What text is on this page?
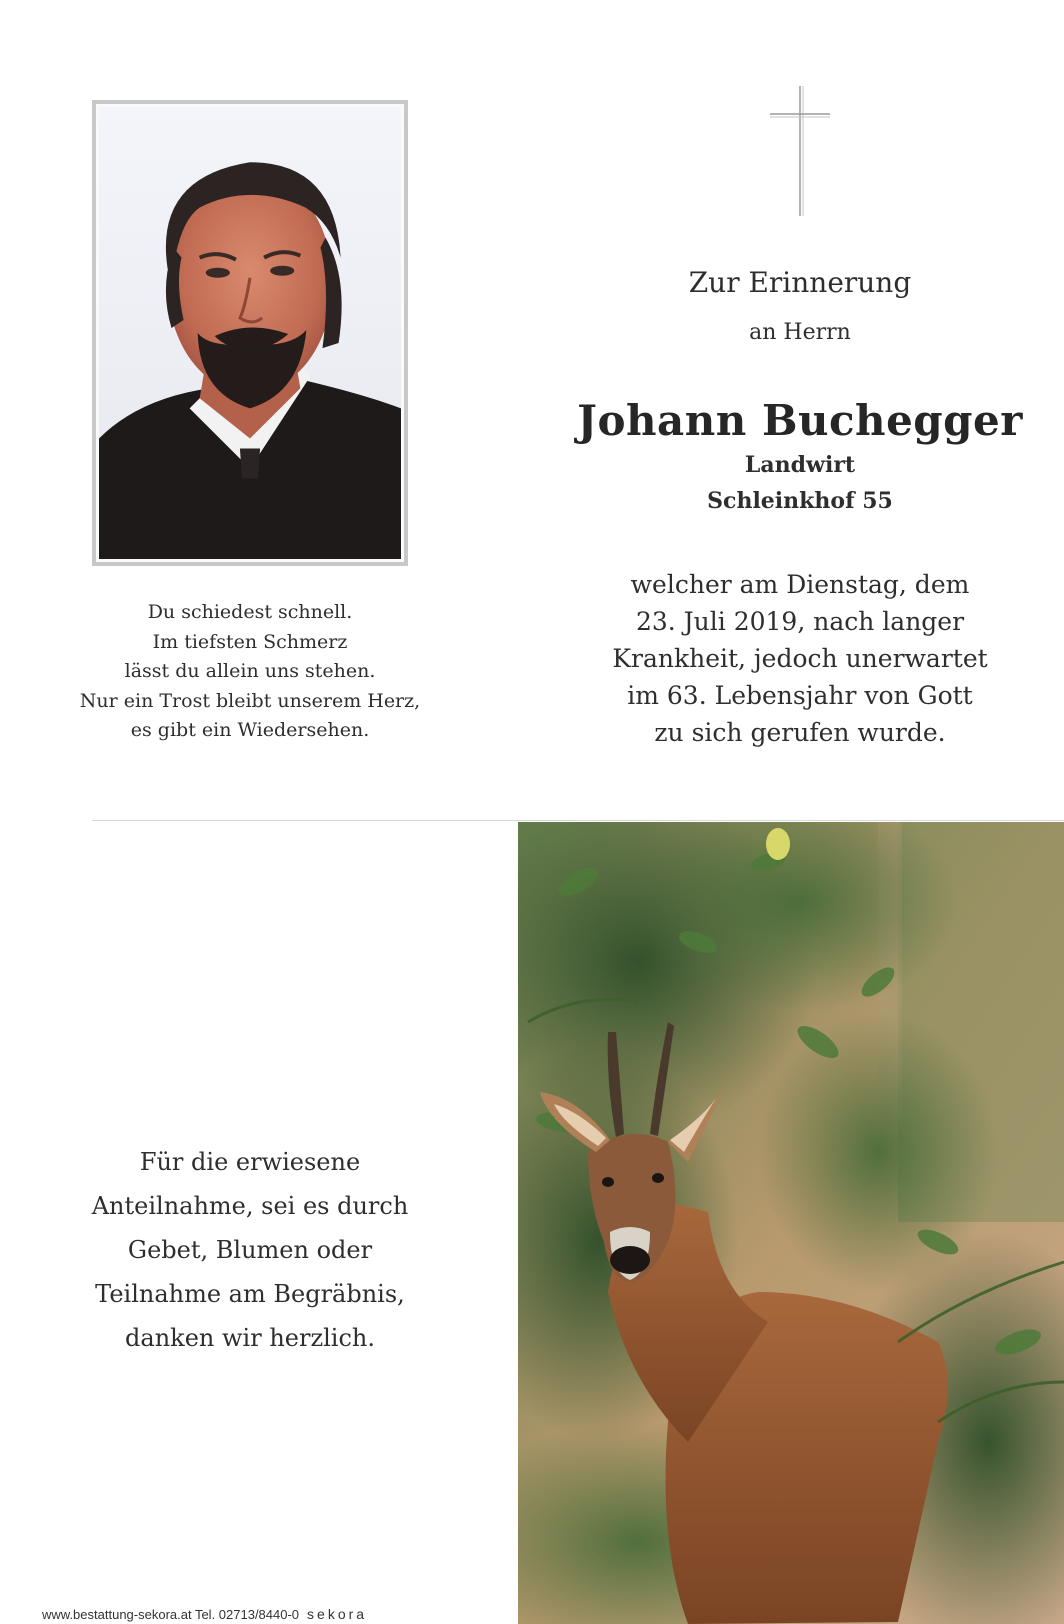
Zur Erinnerung
an Herrn
Johann Buchegger
Landwirt
Schleinkhof 55
welcher am Dienstag, dem
23. Juli 2019, nach langer
Krankheit, jedoch unerwartet
im 63. Lebensjahr von Gott
zu sich gerufen wurde.
Du schiedest schnell.
Im tiefsten Schmerz
lässt du allein uns stehen.
Nur ein Trost bleibt unserem Herz,
es gibt ein Wiedersehen.
Für die erwiesene
Anteilnahme, sei es durch
Gebet, Blumen oder
Teilnahme am Begräbnis,
danken wir herzlich.
www.bestattung-sekora.at Tel. 02713/8440-0 sekora
